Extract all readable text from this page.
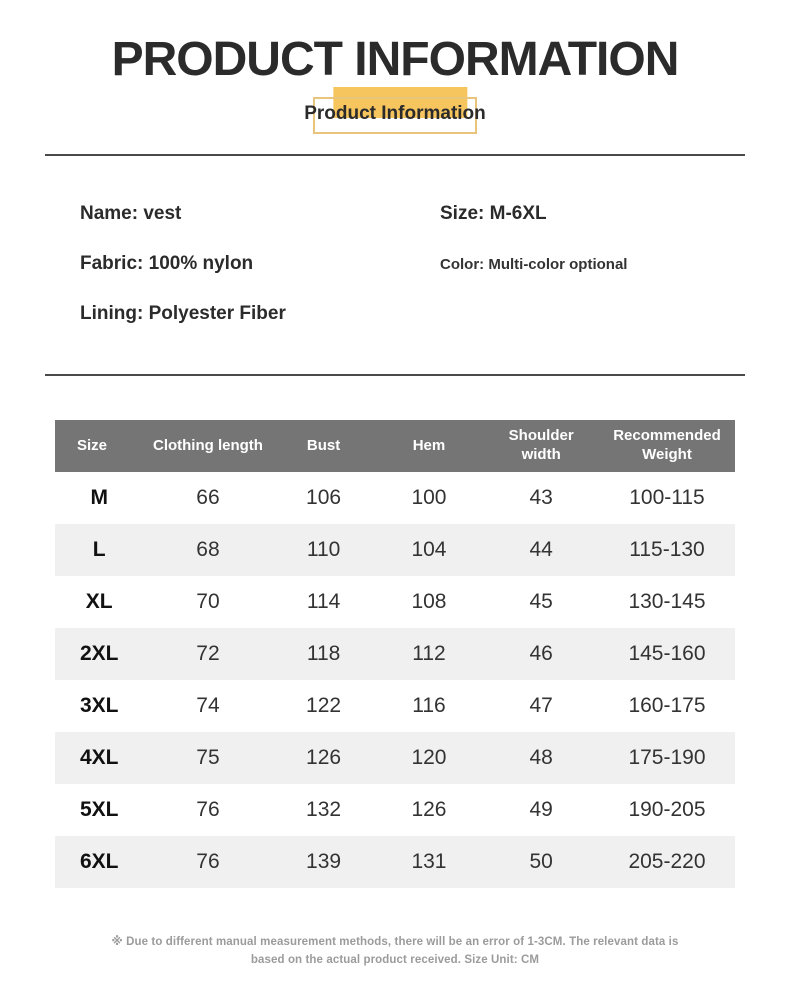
PRODUCT INFORMATION
Product Information
Name: vest	Size: M-6XL
Fabric: 100% nylon	Color: Multi-color optional
Lining: Polyester Fiber
Size	Clothing length	Bust	Hem	Shoulder width	Recommended Weight
M	66	106	100	43	100-115
L	68	110	104	44	115-130
XL	70	114	108	45	130-145
2XL	72	118	112	46	145-160
3XL	74	122	116	47	160-175
4XL	75	126	120	48	175-190
5XL	76	132	126	49	190-205
6XL	76	139	131	50	205-220
※ Due to different manual measurement methods, there will be an error of 1-3CM. The relevant data is based on the actual product received. Size Unit: CM
